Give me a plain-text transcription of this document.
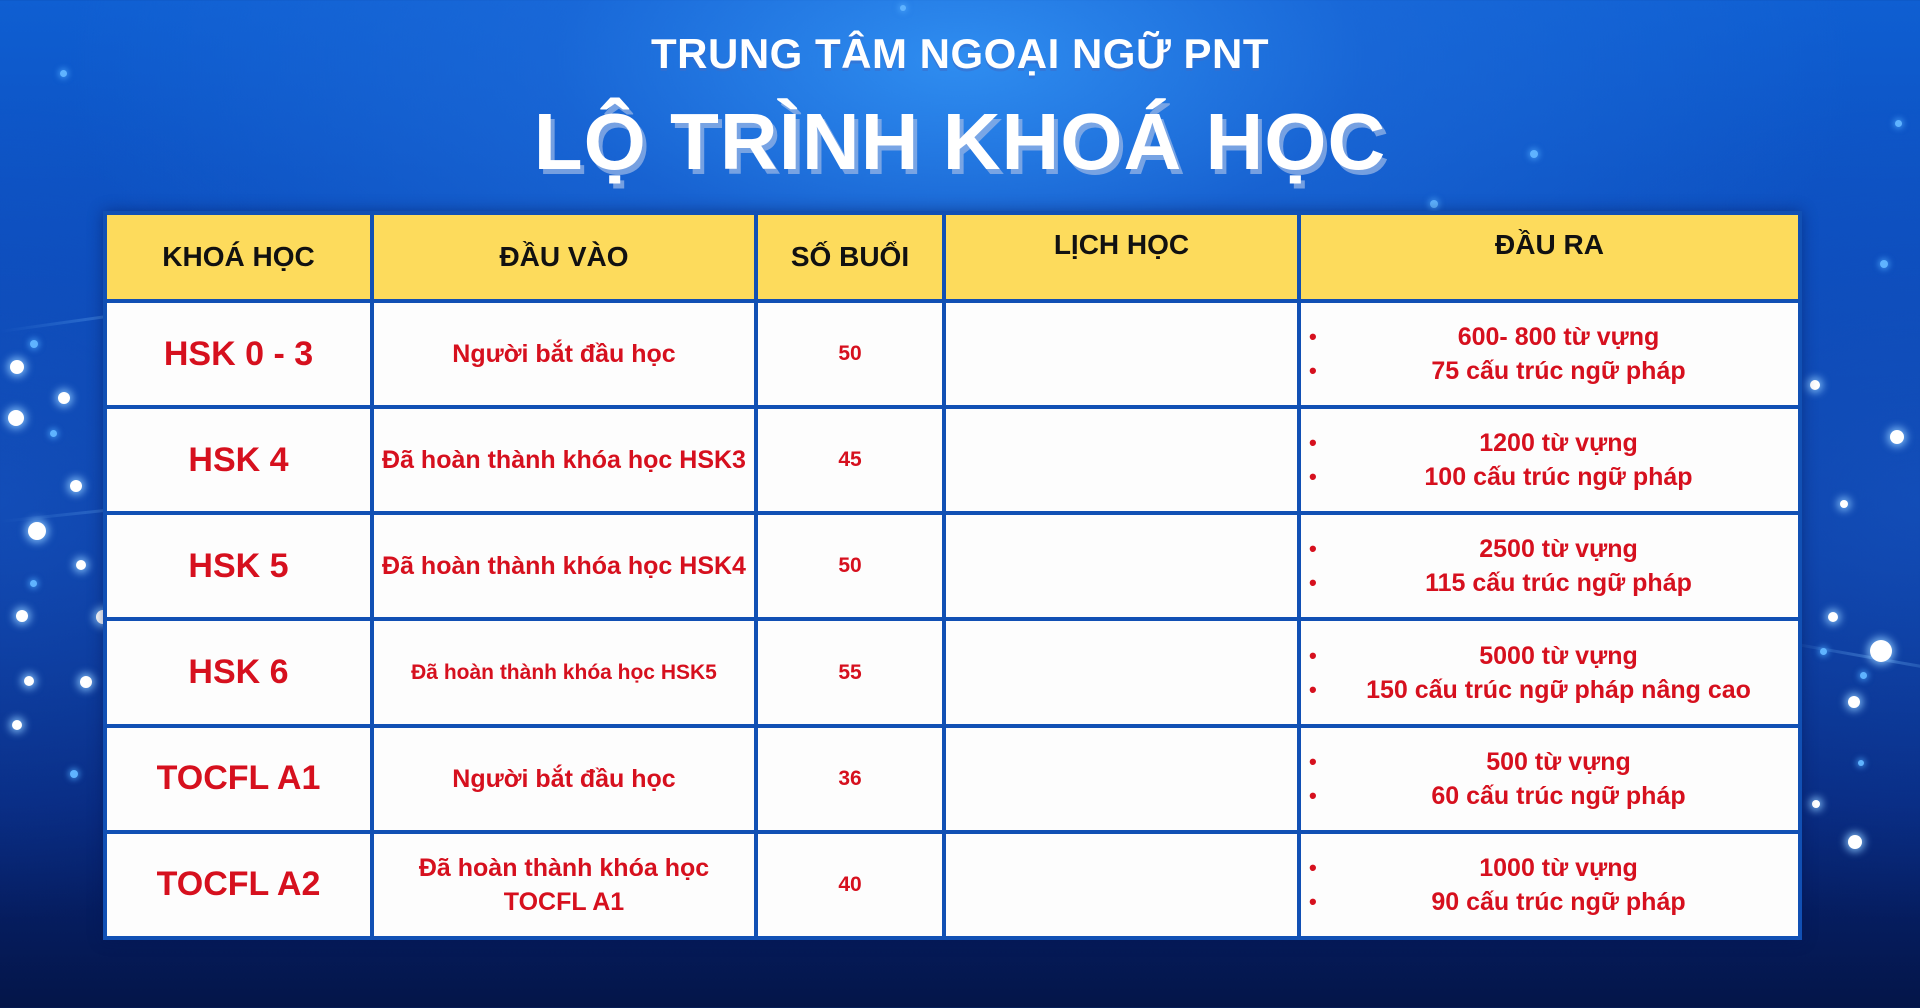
TRUNG TÂM NGOẠI NGỮ PNT
LỘ TRÌNH KHOÁ HỌC
KHOÁ HỌC	ĐẦU VÀO	SỐ BUỔI	LỊCH HỌC	ĐẦU RA
HSK 0 - 3	Người bắt đầu học	50		• 600- 800 từ vựng
• 75 cấu trúc ngữ pháp

HSK 4	Đã hoàn thành khóa học HSK3	45		• 1200 từ vựng
• 100 cấu trúc ngữ pháp

HSK 5	Đã hoàn thành khóa học HSK4	50		• 2500 từ vựng
• 115 cấu trúc ngữ pháp

HSK 6	Đã hoàn thành khóa học HSK5	55		• 5000 từ vựng
• 150 cấu trúc ngữ pháp nâng cao

TOCFL A1	Người bắt đầu học	36		• 500 từ vựng
• 60 cấu trúc ngữ pháp

TOCFL A2	Đã hoàn thành khóa học TOCFL A1	40		• 1000 từ vựng
• 90 cấu trúc ngữ pháp
